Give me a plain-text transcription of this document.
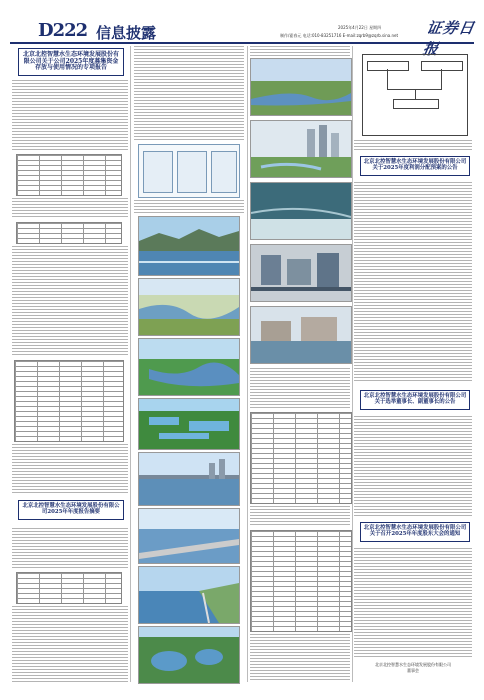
D222 信息披露	2025年4月22日 星期四
制作/霍春元 电话:010-83251716 E-mail:zqrb9@zqrb.sina.net 证券日报
北京北控智慧水生态环境发展股份有限公司关于公司2025年度募集资金存放与使用情况的专项报告
北京北控智慧水生态环境发展股份有限公司2025年年度报告摘要
北京北控智慧水生态环境发展股份有限公司关于2025年度利润分配预案的公告
北京北控智慧水生态环境发展股份有限公司关于选举董事长、副董事长的公告
北京北控智慧水生态环境发展股份有限公司关于召开2025年年度股东大会的通知
北京北控智慧水生态环境发展股份有限公司
董事会
